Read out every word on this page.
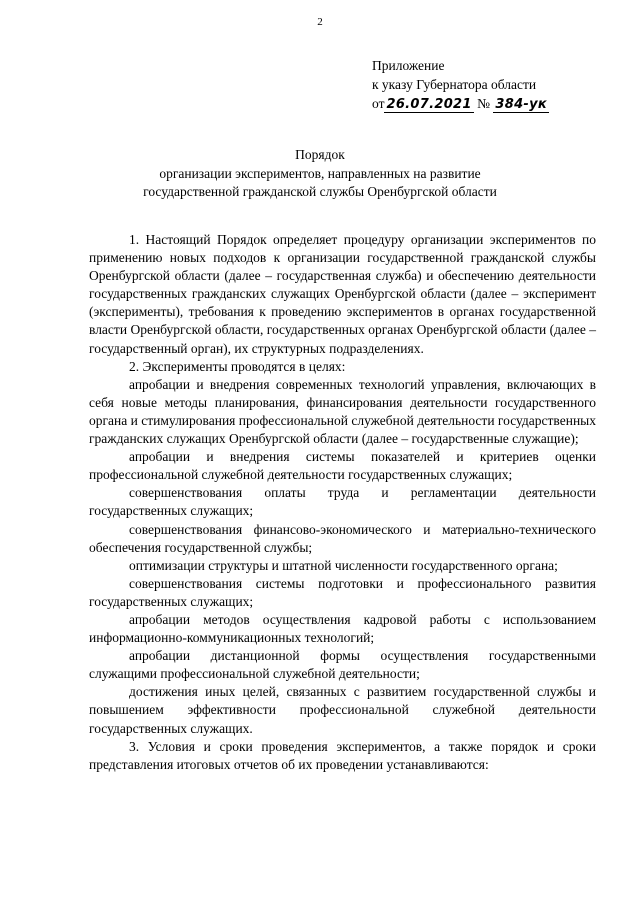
2
Приложение
к указу Губернатора области
от 26.07.2021 № 384-ук
Порядок
организации экспериментов, направленных на развитие
государственной гражданской службы Оренбургской области

1. Настоящий Порядок определяет процедуру организации экспериментов по применению новых подходов к организации государственной гражданской службы Оренбургской области (далее – государственная служба) и обеспечению деятельности государственных гражданских служащих Оренбургской области (далее – эксперимент (эксперименты), требования к проведению экспериментов в органах государственной власти Оренбургской области, государственных органах Оренбургской области (далее – государственный орган), их структурных подразделениях.

2. Эксперименты проводятся в целях:

апробации и внедрения современных технологий управления, включающих в себя новые методы планирования, финансирования деятельности государственного органа и стимулирования профессиональной служебной деятельности государственных гражданских служащих Оренбургской области (далее – государственные служащие);

апробации и внедрения системы показателей и критериев оценки профессиональной служебной деятельности государственных служащих;

совершенствования оплаты труда и регламентации деятельности государственных служащих;

совершенствования финансово-экономического и материально-технического обеспечения государственной службы;

оптимизации структуры и штатной численности государственного органа;

совершенствования системы подготовки и профессионального развития государственных служащих;

апробации методов осуществления кадровой работы с использованием информационно-коммуникационных технологий;

апробации дистанционной формы осуществления государственными служащими профессиональной служебной деятельности;

достижения иных целей, связанных с развитием государственной службы и повышением эффективности профессиональной служебной деятельности государственных служащих.

3. Условия и сроки проведения экспериментов, а также порядок и сроки представления итоговых отчетов об их проведении устанавливаются:
